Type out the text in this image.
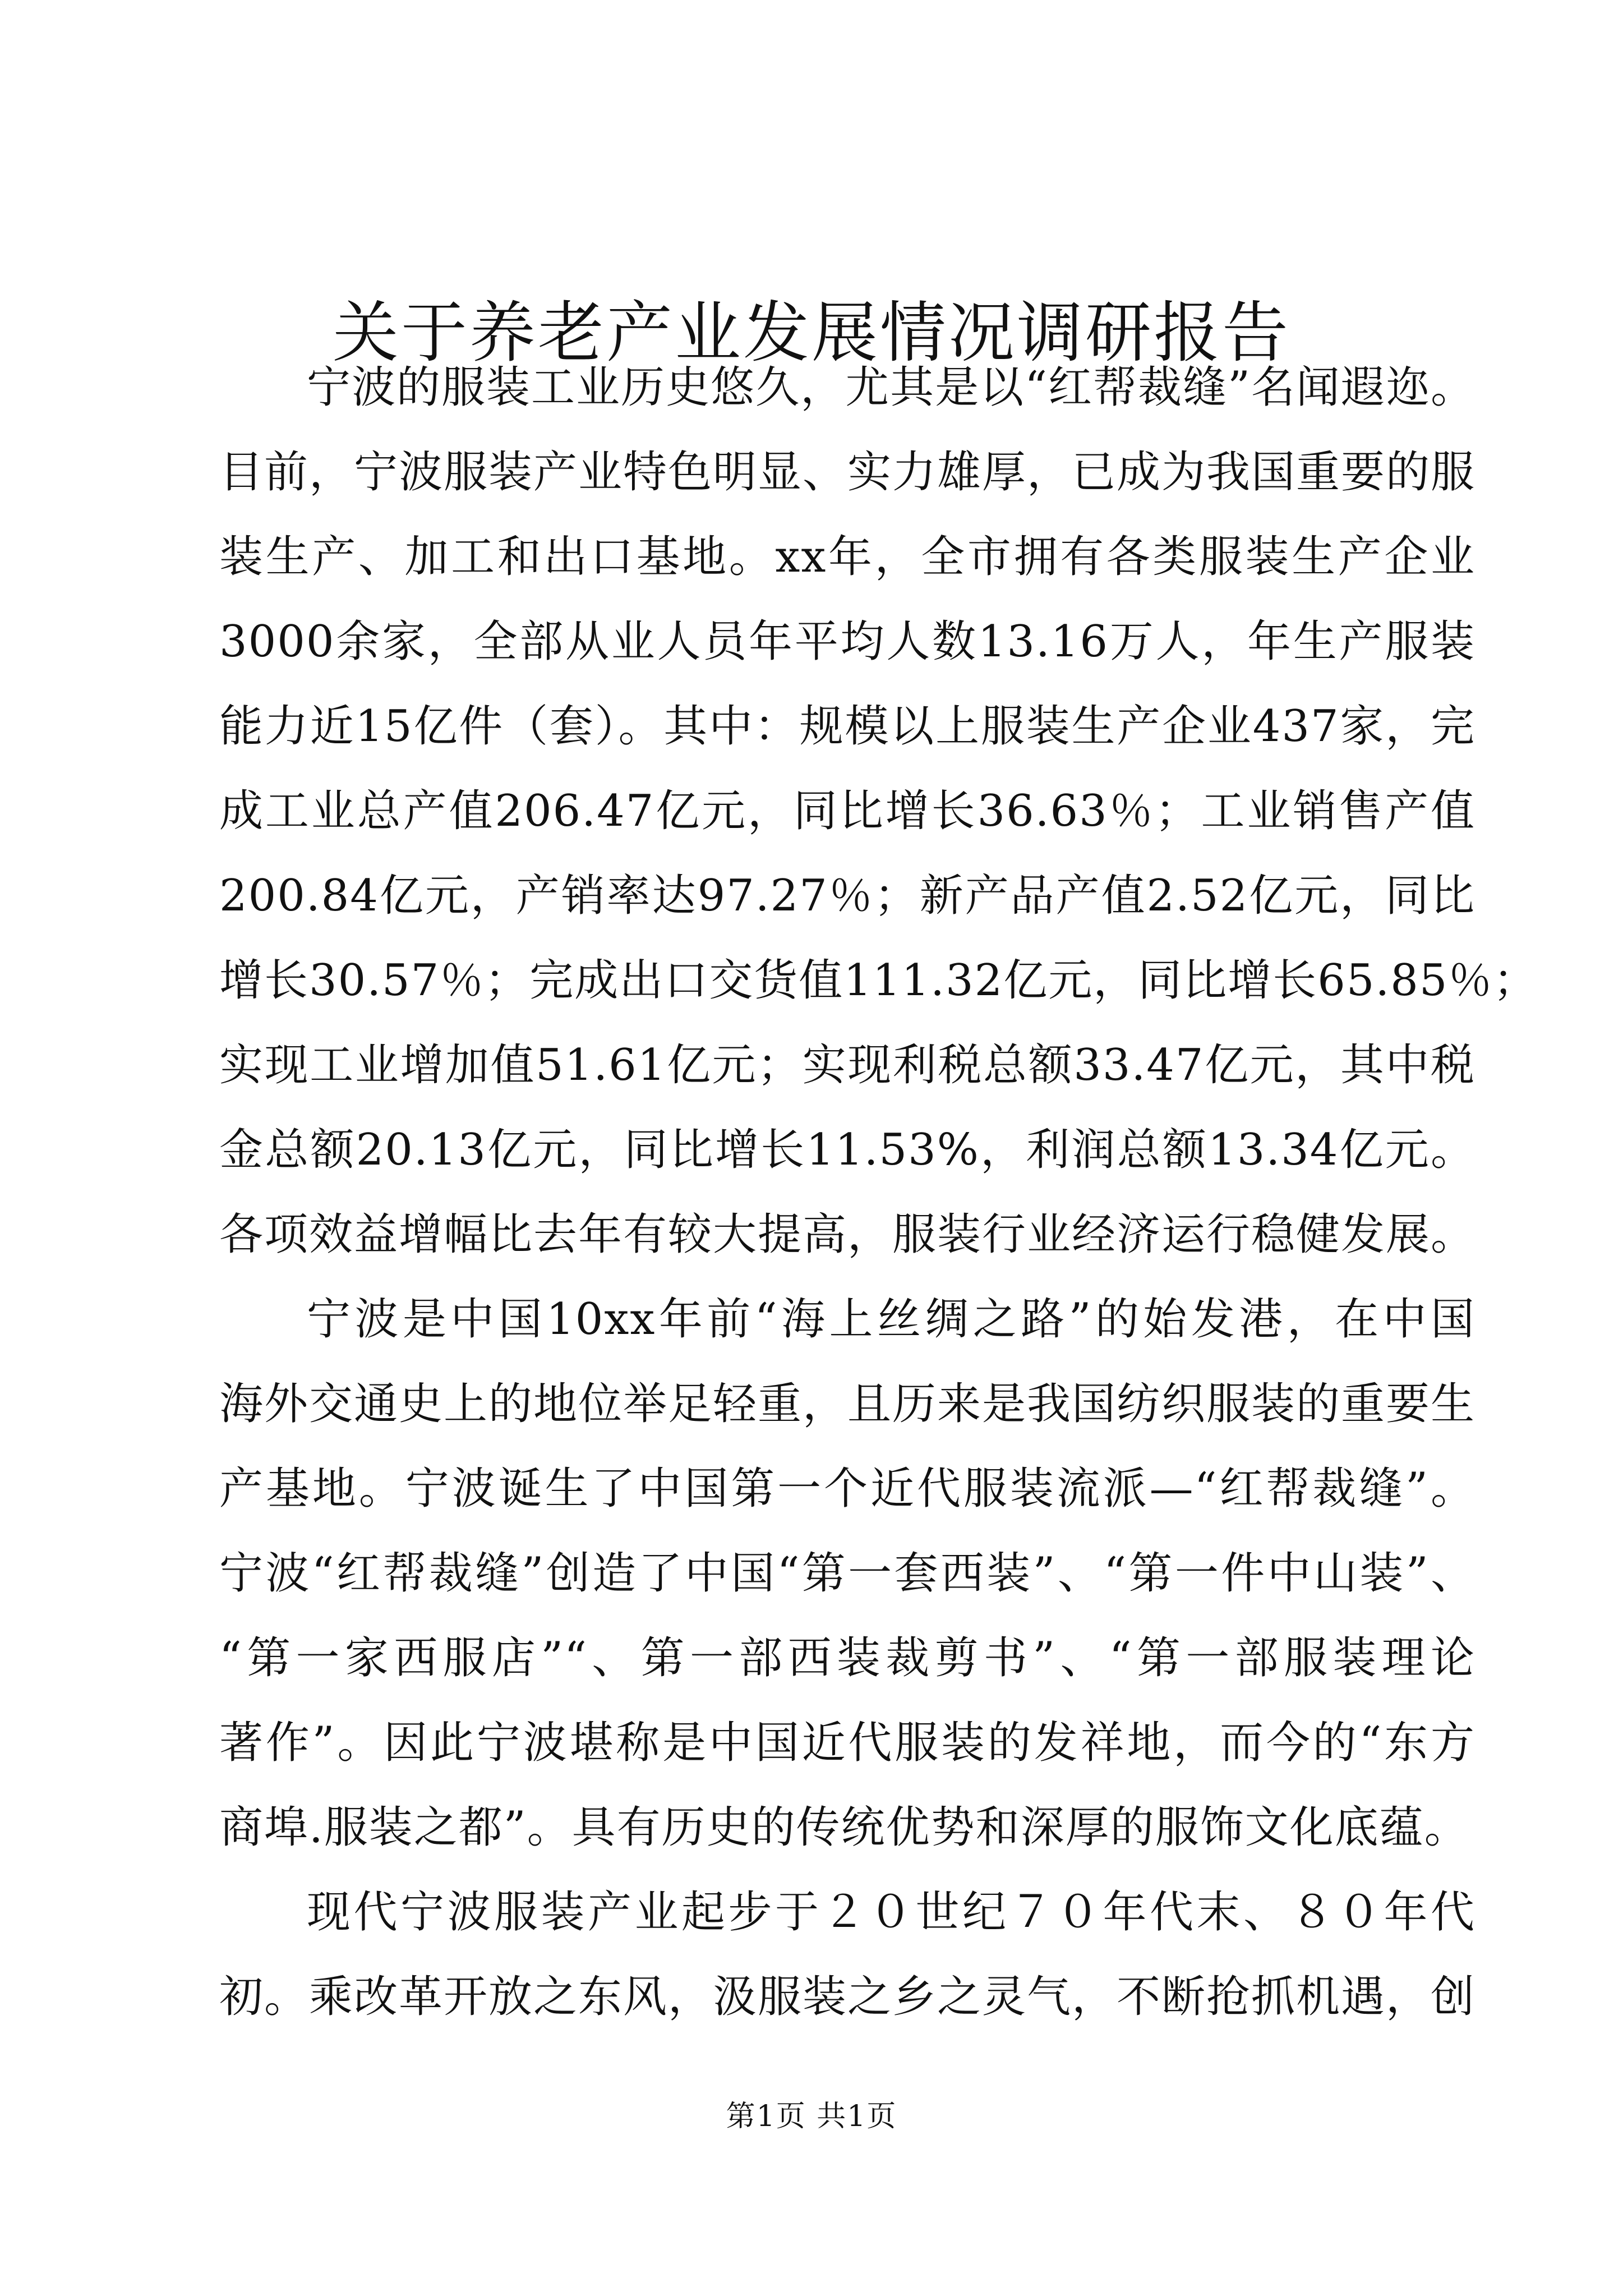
关于养老产业发展情况调研报告
宁波的服装工业历史悠久，尤其是以“红帮裁缝”名闻遐迩。
目前，宁波服装产业特色明显、实力雄厚，已成为我国重要的服
装生产、加工和出口基地。xx年，全市拥有各类服装生产企业
3000余家，全部从业人员年平均人数13.16万人，年生产服装
能力近15亿件（套）。其中：规模以上服装生产企业437家，完
成工业总产值206.47亿元，同比增长36.63％；工业销售产值
200.84亿元，产销率达97.27％；新产品产值2.52亿元，同比
增长30.57％；完成出口交货值111.32亿元，同比增长65.85％；
实现工业增加值51.61亿元；实现利税总额33.47亿元，其中税
金总额20.13亿元，同比增长11.53%，利润总额13.34亿元。
各项效益增幅比去年有较大提高，服装行业经济运行稳健发展。
宁波是中国10xx年前“海上丝绸之路”的始发港，在中国
海外交通史上的地位举足轻重，且历来是我国纺织服装的重要生
产基地。宁波诞生了中国第一个近代服装流派—“红帮裁缝”。
宁波“红帮裁缝”创造了中国“第一套西装”、“第一件中山装”、
“第一家西服店”“、第一部西装裁剪书”、“第一部服装理论
著作”。因此宁波堪称是中国近代服装的发祥地，而今的“东方
商埠.服装之都”。具有历史的传统优势和深厚的服饰文化底蕴。
现代宁波服装产业起步于２０世纪７０年代末、８０年代
初。乘改革开放之东风，汲服装之乡之灵气，不断抢抓机遇，创
第1页 共1页
